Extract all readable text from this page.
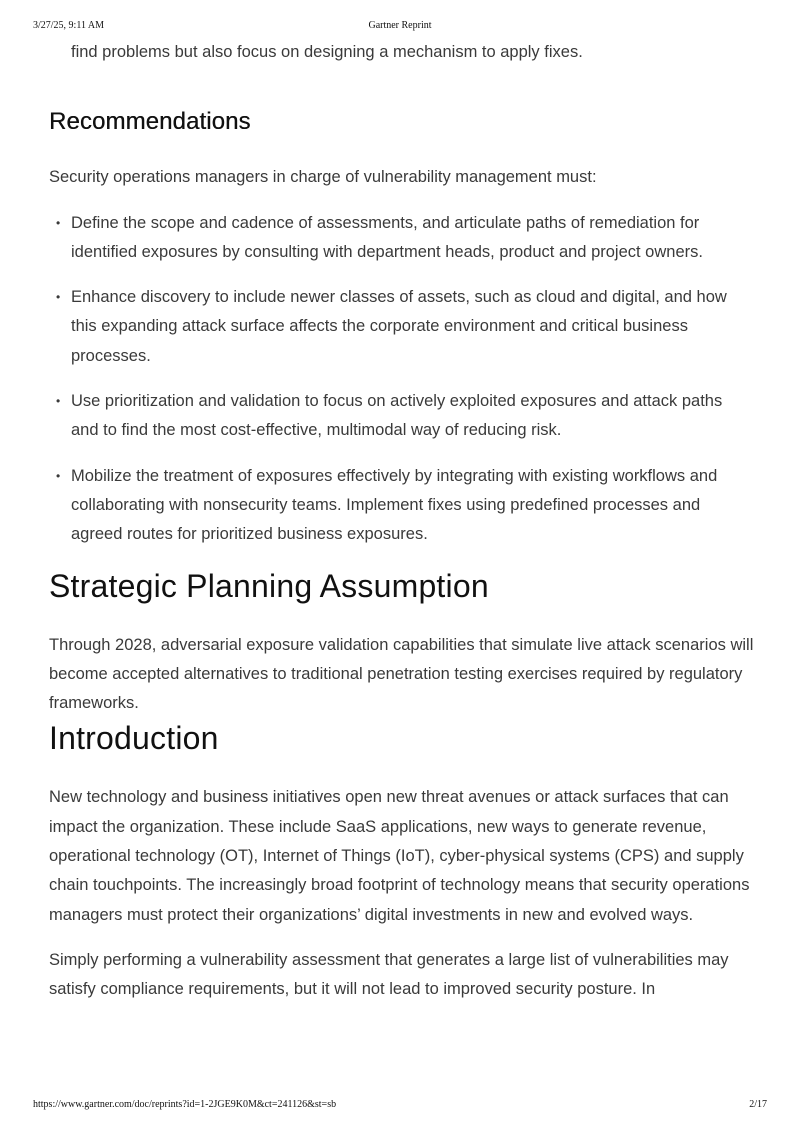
3/27/25, 9:11 AM	Gartner Reprint

find problems but also focus on designing a mechanism to apply fixes.

Recommendations

Security operations managers in charge of vulnerability management must:

• Define the scope and cadence of assessments, and articulate paths of remediation for identified exposures by consulting with department heads, product and project owners.

• Enhance discovery to include newer classes of assets, such as cloud and digital, and how this expanding attack surface affects the corporate environment and critical business processes.

• Use prioritization and validation to focus on actively exploited exposures and attack paths and to find the most cost-effective, multimodal way of reducing risk.

• Mobilize the treatment of exposures effectively by integrating with existing workflows and collaborating with nonsecurity teams. Implement fixes using predefined processes and agreed routes for prioritized business exposures.

Strategic Planning Assumption

Through 2028, adversarial exposure validation capabilities that simulate live attack scenarios will become accepted alternatives to traditional penetration testing exercises required by regulatory frameworks.

Introduction

New technology and business initiatives open new threat avenues or attack surfaces that can impact the organization. These include SaaS applications, new ways to generate revenue, operational technology (OT), Internet of Things (IoT), cyber-physical systems (CPS) and supply chain touchpoints. The increasingly broad footprint of technology means that security operations managers must protect their organizations’ digital investments in new and evolved ways.

Simply performing a vulnerability assessment that generates a large list of vulnerabilities may satisfy compliance requirements, but it will not lead to improved security posture. In

https://www.gartner.com/doc/reprints?id=1-2JGE9K0M&ct=241126&st=sb	2/17
